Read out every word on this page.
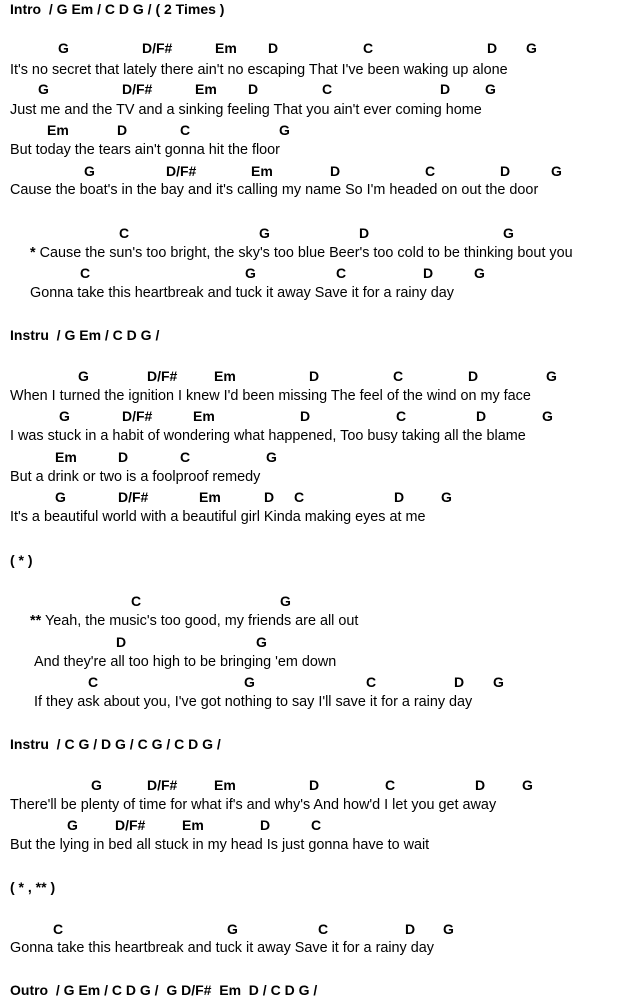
Intro  / G Em / C D G / ( 2 Times )
G	D/F#	Em D	C	D G
It's no secret that lately there ain't no escaping That I've been waking up alone
G	D/F#	Em D	C	D G
Just me and the TV and a sinking feeling That you ain't ever coming home
Em	D	C	G
But today the tears ain't gonna hit the floor
G	D/F#	Em	D	C	D	G
Cause the boat's in the bay and it's calling my name So I'm headed on out the door
C	G	D	G
* Cause the sun's too bright, the sky's too blue Beer's too cold to be thinking bout you
C	G	C	D	G
Gonna take this heartbreak and tuck it away Save it for a rainy day
Instru  / G Em / C D G /
G	D/F#	Em	D	C	D	G
When I turned the ignition I knew I'd been missing The feel of the wind on my face
G	D/F#	Em	D	C	D	G
I was stuck in a habit of wondering what happened, Too busy taking all the blame
Em	D	C	G
But a drink or two is a foolproof remedy
G	D/F#	Em	D C	D	G
It's a beautiful world with a beautiful girl Kinda making eyes at me
( * )
C	G
** Yeah, the music's too good, my friends are all out
D	G
And they're all too high to be bringing 'em down
C	G	C	D G
If they ask about you, I've got nothing to say I'll save it for a rainy day
Instru  / C G / D G / C G / C D G /
G	D/F#	Em	D	C	D	G
There'll be plenty of time for what if's and why's And how'd I let you get away
G	D/F#	Em	D	C
But the lying in bed all stuck in my head Is just gonna have to wait
( * , ** )
C	G	C	D G
Gonna take this heartbreak and tuck it away Save it for a rainy day
Outro  / G Em / C D G /  G D/F#  Em  D / C D G /
